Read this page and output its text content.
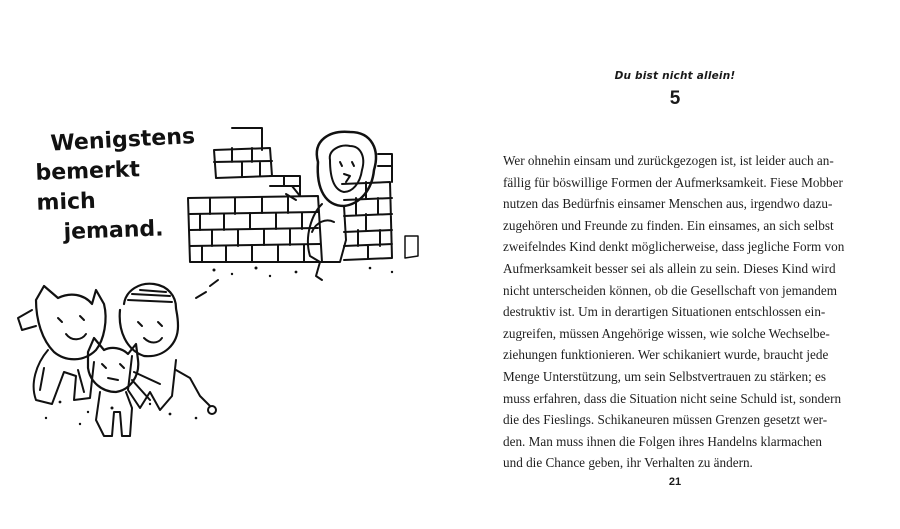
Wenigstens
bemerkt mich
jemand.
Du bist nicht allein!
5
Wer ohnehin einsam und zurückgezogen ist, ist leider auch an-
fällig für böswillige Formen der Aufmerksamkeit. Fiese Mobber
nutzen das Bedürfnis einsamer Menschen aus, irgendwo dazu-
zugehören und Freunde zu finden. Ein einsames, an sich selbst
zweifelndes Kind denkt möglicherweise, dass jegliche Form von
Aufmerksamkeit besser sei als allein zu sein. Dieses Kind wird
nicht unterscheiden können, ob die Gesellschaft von jemandem
destruktiv ist. Um in derartigen Situationen entschlossen ein-
zugreifen, müssen Angehörige wissen, wie solche Wechselbe-
ziehungen funktionieren. Wer schikaniert wurde, braucht jede
Menge Unterstützung, um sein Selbstvertrauen zu stärken; es
muss erfahren, dass die Situation nicht seine Schuld ist, sondern
die des Fieslings. Schikaneuren müssen Grenzen gesetzt wer-
den. Man muss ihnen die Folgen ihres Handelns klarmachen
und die Chance geben, ihr Verhalten zu ändern.
21
